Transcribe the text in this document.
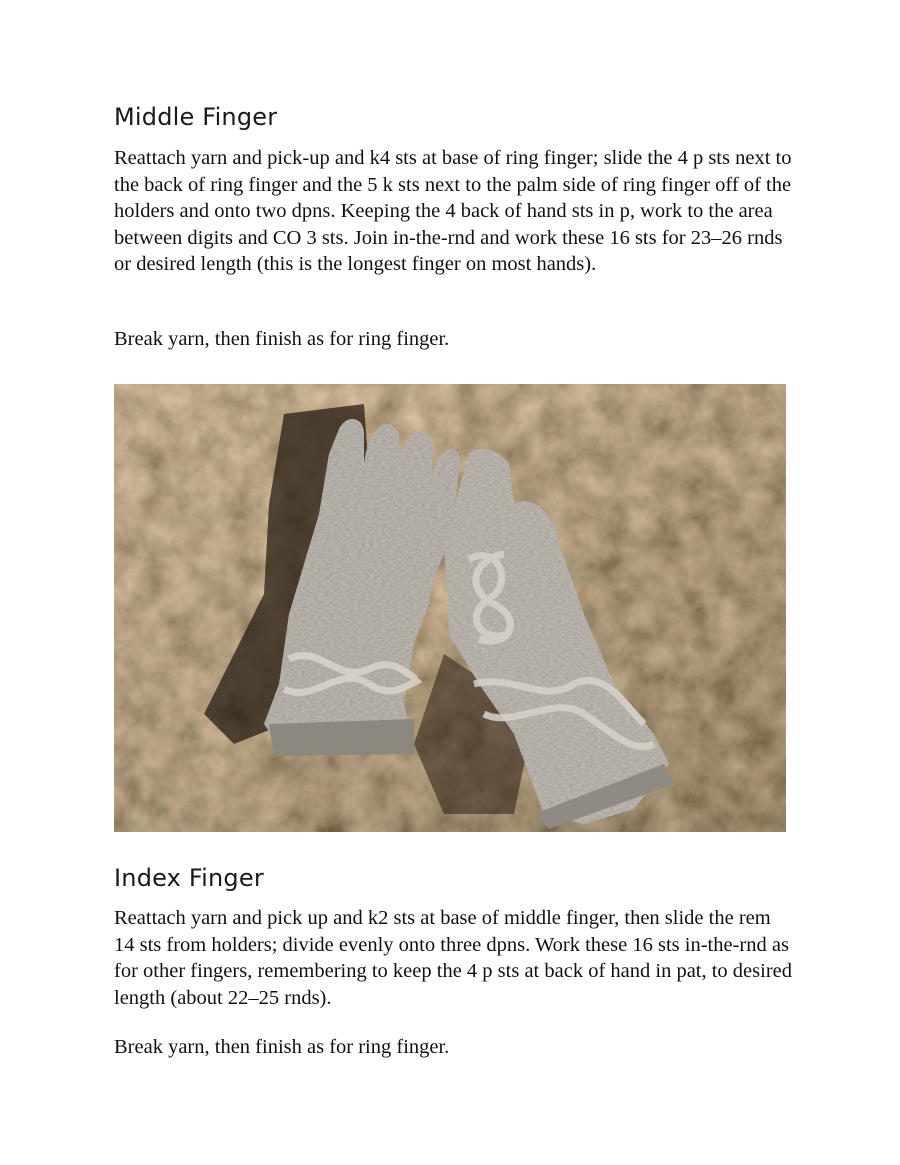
Middle Finger

Reattach yarn and pick-up and k4 sts at base of ring finger; slide the 4 p sts next to the back of ring finger and the 5 k sts next to the palm side of ring finger off of the holders and onto two dpns. Keeping the 4 back of hand sts in p, work to the area between digits and CO 3 sts. Join in-the-rnd and work these 16 sts for 23–26 rnds or desired length (this is the longest finger on most hands).

Break yarn, then finish as for ring finger.

Index Finger

Reattach yarn and pick up and k2 sts at base of middle finger, then slide the rem 14 sts from holders; divide evenly onto three dpns. Work these 16 sts in-the-rnd as for other fingers, remembering to keep the 4 p sts at back of hand in pat, to desired length (about 22–25 rnds).

Break yarn, then finish as for ring finger.
